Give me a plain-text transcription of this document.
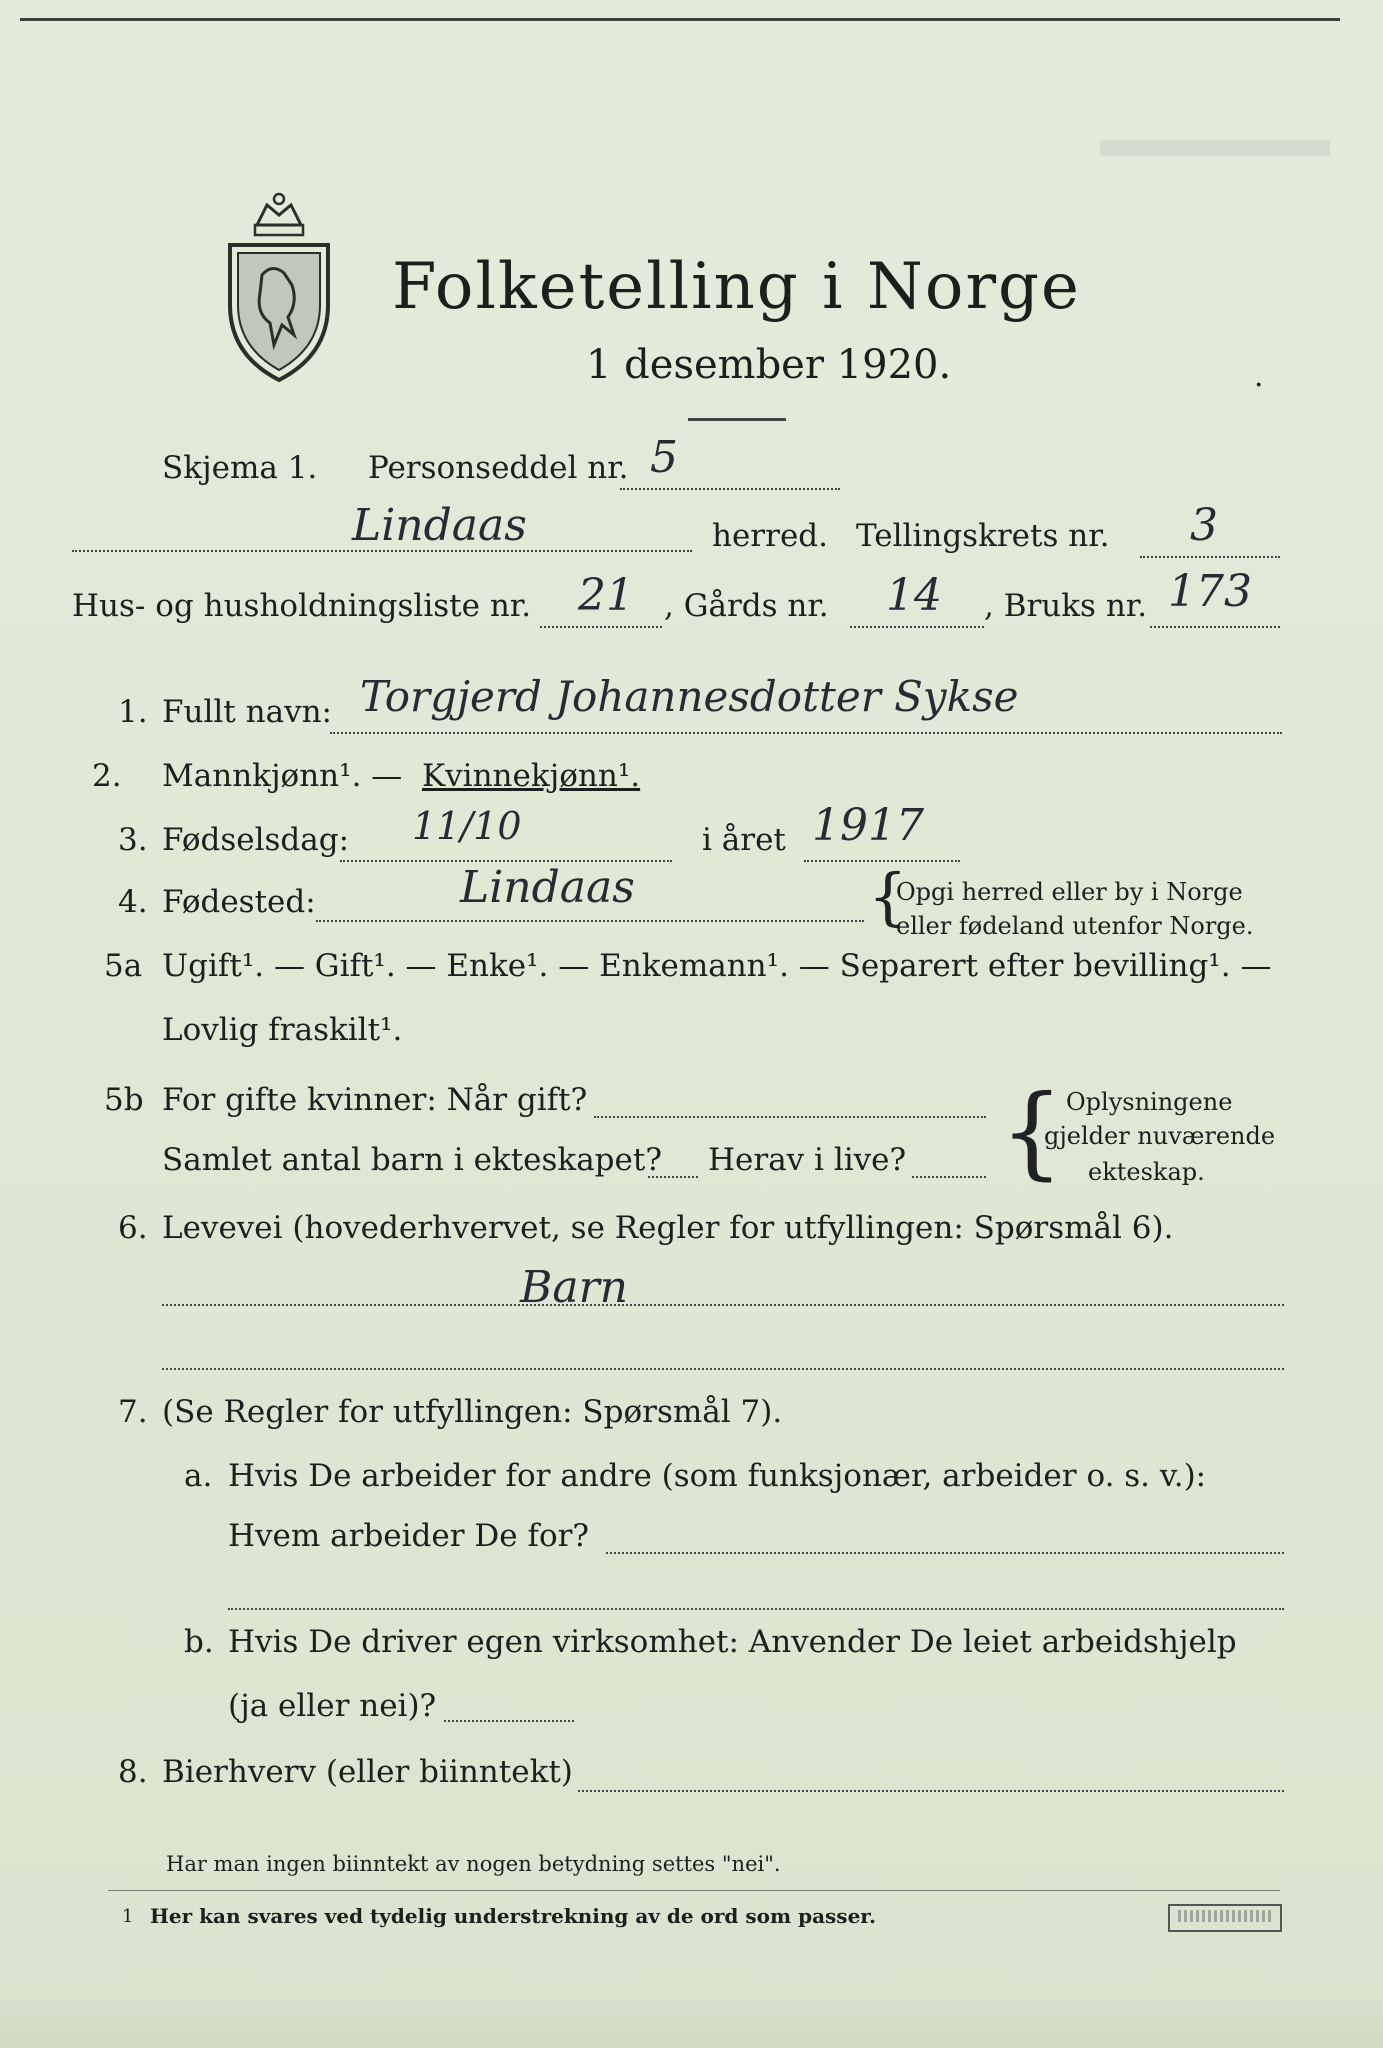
Folketelling i Norge
1 desember 1920.	·
Skjema 1. Personseddel nr. 5
Lindaas	herred. Tellingskrets nr. 3
Hus- og husholdningsliste nr. 21 , Gårds nr. 14 , Bruks nr. 173
1. Fullt navn: Torgjerd Johannesdotter Sykse
2. Mannkjønn¹. — Kvinnekjønn¹.
3. Fødselsdag: 11/10	i året 1917
4. Fødested:	Lindaas	{
Opgi herred eller by i Norge
eller fødeland utenfor Norge.
5a Ugift¹. — Gift¹. — Enke¹. — Enkemann¹. — Separert efter bevilling¹. —
Lovlig fraskilt¹.
5b For gifte kvinner: Når gift?
Samlet antal barn i ekteskapet? Herav i live? { Oplysningene
gjelder nuværende
ekteskap.
6. Levevei (hovederhvervet, se Regler for utfyllingen: Spørsmål 6).
Barn
7. (Se Regler for utfyllingen: Spørsmål 7).
a. Hvis De arbeider for andre (som funksjonær, arbeider o. s. v.):
Hvem arbeider De for?
b. Hvis De driver egen virksomhet: Anvender De leiet arbeidshjelp
(ja eller nei)?
8. Bierhverv (eller biinntekt)
Har man ingen biinntekt av nogen betydning settes "nei".
1 Her kan svares ved tydelig understrekning av de ord som passer.
